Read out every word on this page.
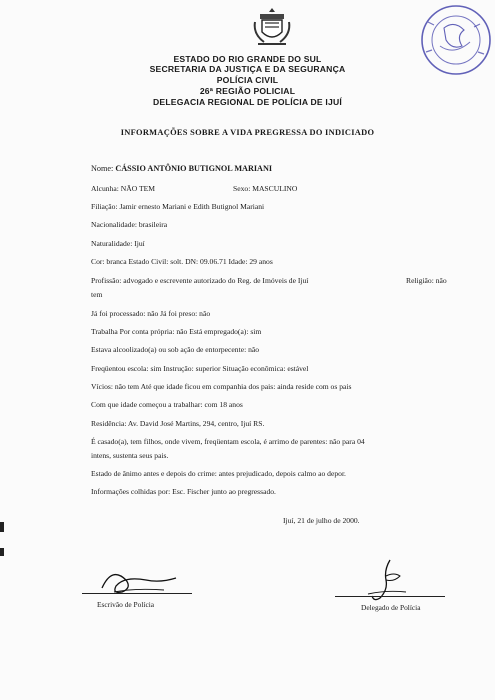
ESTADO DO RIO GRANDE DO SUL
SECRETARIA DA JUSTIÇA E DA SEGURANÇA
POLÍCIA CIVIL
26ª REGIÃO POLICIAL
DELEGACIA REGIONAL DE POLÍCIA DE IJUÍ
INFORMAÇÕES SOBRE A VIDA PREGRESSA DO INDICIADO
Nome: CÁSSIO ANTÔNIO BUTIGNOL MARIANI
Alcunha: NÃO TEM	Sexo: MASCULINO
Filiação: Jamir ernesto Mariani e Edith Butignol Mariani
Nacionalidade: brasileira
Naturalidade: Ijuí
Cor: branca Estado Civil: solt. DN: 09.06.71 Idade: 29 anos
Profissão: advogado e escrevente autorizado do Reg. de Imóveis de Ijuí	Religião: não
tem
Já foi processado: não Já foi preso: não
Trabalha Por conta própria: não Está empregado(a): sim
Estava alcoolizado(a) ou sob ação de entorpecente: não
Freqüentou escola: sim Instrução: superior Situação econômica: estável
Vícios: não tem Até que idade ficou em companhia dos pais: ainda reside com os pais
Com que idade começou a trabalhar: com 18 anos
Residência: Av. David José Martins, 294, centro, Ijuí RS.
É casado(a), tem filhos, onde vivem, freqüentam escola, é arrimo de parentes: não para 04
intens, sustenta seus pais.
Estado de ânimo antes e depois do crime: antes prejudicado, depois calmo ao depor.
Informações colhidas por: Esc. Fischer junto ao pregressado.
Ijuí, 21 de julho de 2000.
Escrivão de Polícia	Delegado de Polícia
